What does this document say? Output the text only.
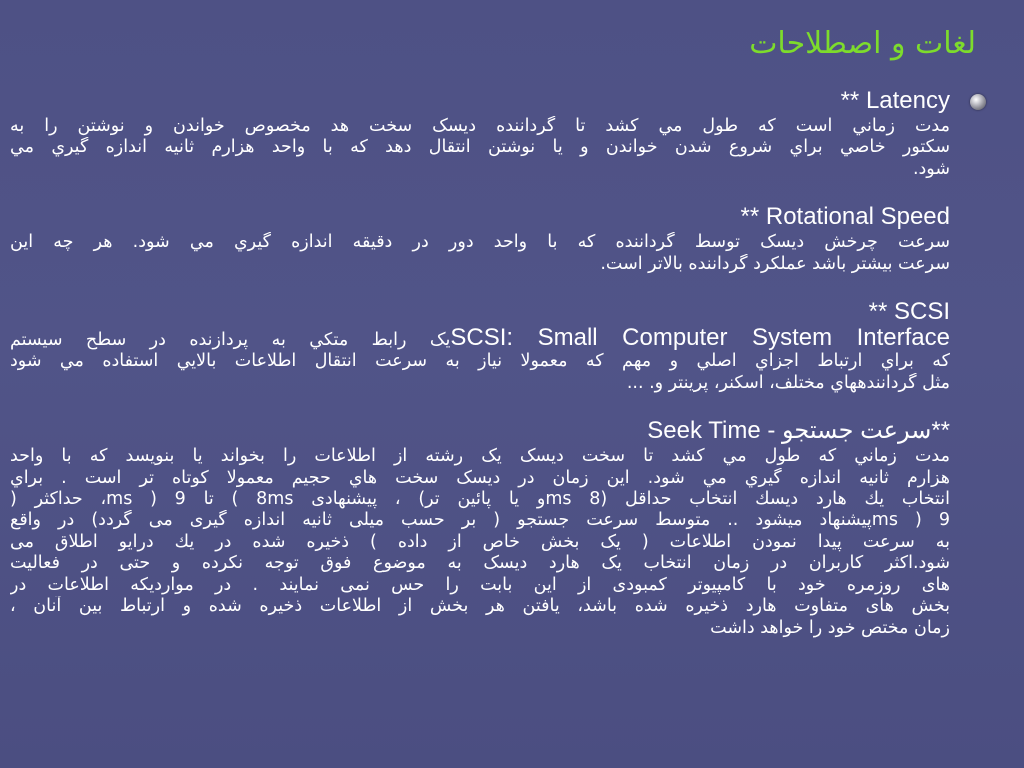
لغات و اصطلاحات
Latency **
مدت زماني است كه طول مي كشد تا گرداننده ديسک سخت هد مخصوص خواندن و نوشتن را به
سكتور خاصي براي شروع شدن خواندن و يا نوشتن انتقال دهد كه با واحد هزارم ثانيه اندازه گيري مي
شود.
Rotational Speed **
سرعت چرخش ديسک توسط گرداننده كه با واحد دور در دقيقه اندازه گيري مي شود. هر چه اين
سرعت بيشتر باشد عملكرد گرداننده بالاتر است.
SCSI **
SCSI: Small Computer System Interfaceيک رابط متكي به پردازنده در سطح سيستم
كه براي ارتباط اجزاي اصلي و مهم كه معمولا نياز به سرعت انتقال اطلاعات بالايي استفاده مي شود
مثل گردانندههاي مختلف، اسكنر، پرينتر و. ...
**سرعت جستجو - Seek Time
مدت زماني كه طول مي كشد تا سخت ديسک يک رشته از اطلاعات را بخواند يا بنويسد كه با واحد
هزارم ثانيه اندازه گيري مي شود. اين زمان در ديسک سخت هاي حجيم معمولا كوتاه تر است . براي
انتخاب يك هارد ديسك انتخاب حداقل (8 msو يا پائين تر) ، پيشنهادی 8ms ) تا 9 ( ms، حداكثر (
9 ( msپيشنهاد ميشود .. متوسط سرعت جستجو ( بر حسب ميلی ثانيه اندازه گيری می گردد) در واقع
به سرعت پيدا نمودن اطلاعات ( يک بخش خاص از داده ) ذخيره شده در يك درايو اطلاق می
شود.اكثر كاربران در زمان انتخاب يک هارد ديسک به موضوع فوق توجه نكرده و حتی در فعاليت
های روزمره خود با كامپيوتر كمبودی از اين بابت را حس نمی نمايند . در مواردیكه اطلاعات در
بخش های متفاوت هارد ذخيره شده باشد، يافتن هر بخش از اطلاعات ذخيره شده و ارتباط بين آنان ،
زمان مختص خود را خواهد داشت
